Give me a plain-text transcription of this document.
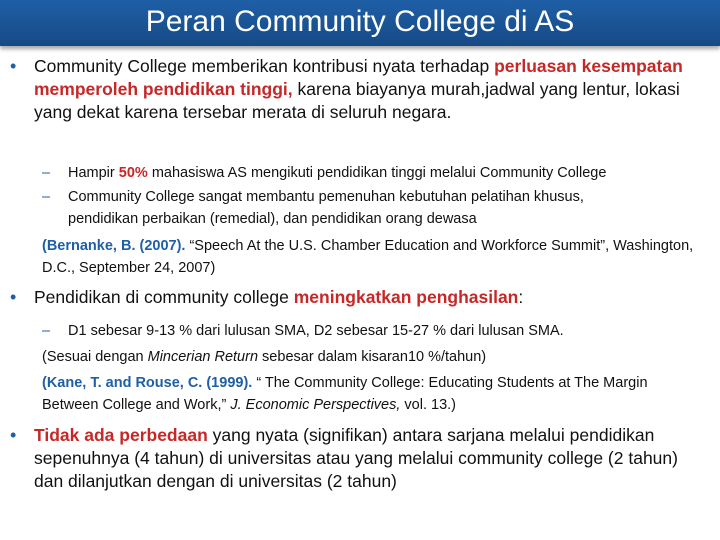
Peran Community College di AS
• Community College memberikan kontribusi nyata terhadap perluasan kesempatan memperoleh pendidikan tinggi, karena biayanya murah,jadwal yang lentur, lokasi yang dekat karena tersebar merata di seluruh negara.
– Hampir 50% mahasiswa AS mengikuti pendidikan tinggi melalui Community College
– Community College sangat membantu pemenuhan kebutuhan pelatihan khusus,
pendidikan perbaikan (remedial), dan pendidikan orang dewasa
(Bernanke, B. (2007). “Speech At the U.S. Chamber Education and Workforce Summit”, Washington, D.C., September 24, 2007)
• Pendidikan di community college meningkatkan penghasilan:
– D1 sebesar 9-13 % dari lulusan SMA, D2 sebesar 15-27 % dari lulusan SMA.
(Sesuai dengan Mincerian Return sebesar dalam kisaran10 %/tahun)
(Kane, T. and Rouse, C. (1999). “ The Community College: Educating Students at The Margin Between College and Work,” J. Economic Perspectives, vol. 13.)
• Tidak ada perbedaan yang nyata (signifikan) antara sarjana melalui pendidikan sepenuhnya (4 tahun) di universitas atau yang melalui community college (2 tahun) dan dilanjutkan dengan di universitas (2 tahun)
